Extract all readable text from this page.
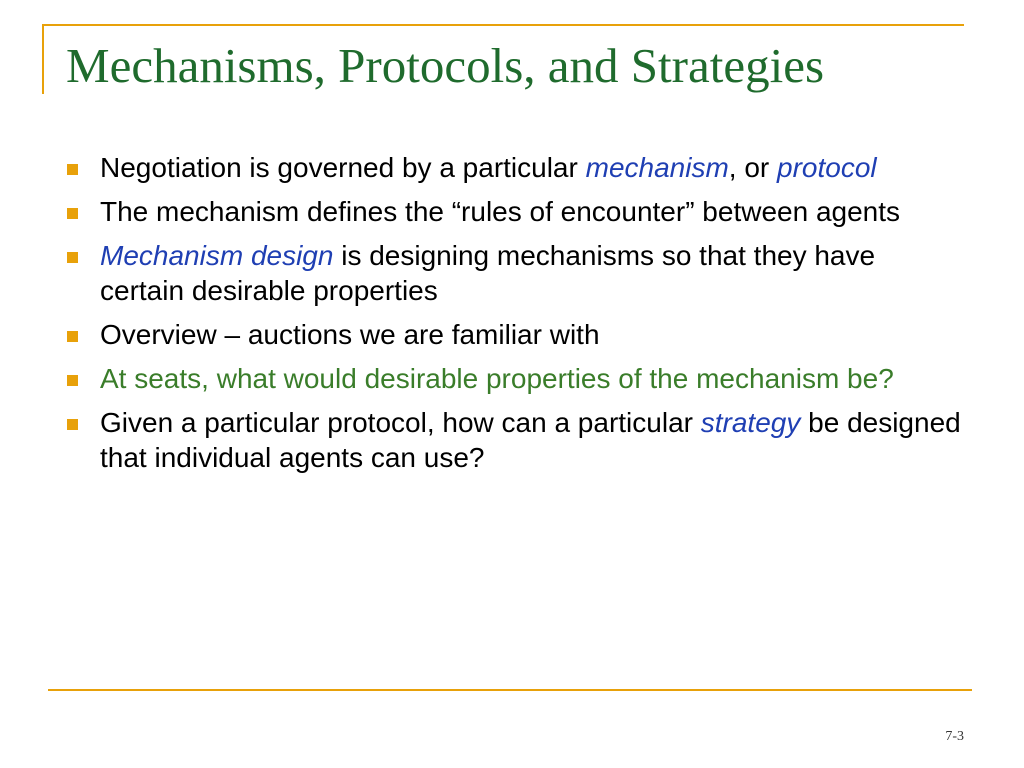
Mechanisms, Protocols, and Strategies
Negotiation is governed by a particular mechanism, or protocol
The mechanism defines the “rules of encounter” between agents
Mechanism design is designing mechanisms so that they have certain desirable properties
Overview – auctions we are familiar with
At seats, what would desirable properties of the mechanism be?
Given a particular protocol, how can a particular strategy be designed that individual agents can use?
7-3
